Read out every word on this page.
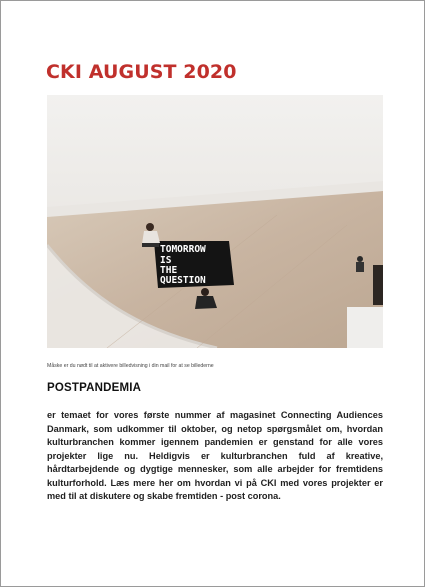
CKI AUGUST 2020
TOMORROW
IS
THE
QUESTION
Måske er du nødt til at aktivere billedvisning i din mail for at se billederne
POSTPANDEMIA

er temaet for vores første nummer af magasinet Connecting Audiences Danmark, som udkommer til oktober, og netop spørgsmålet om, hvordan kulturbranchen kommer igennem pandemien er genstand for alle vores projekter lige nu. Heldigvis er kulturbranchen fuld af kreative, hårdtarbejdende og dygtige mennesker, som alle arbejder for fremtidens kulturforhold. Læs mere her om hvordan vi på CKI med vores projekter er med til at diskutere og skabe fremtiden - post corona.
